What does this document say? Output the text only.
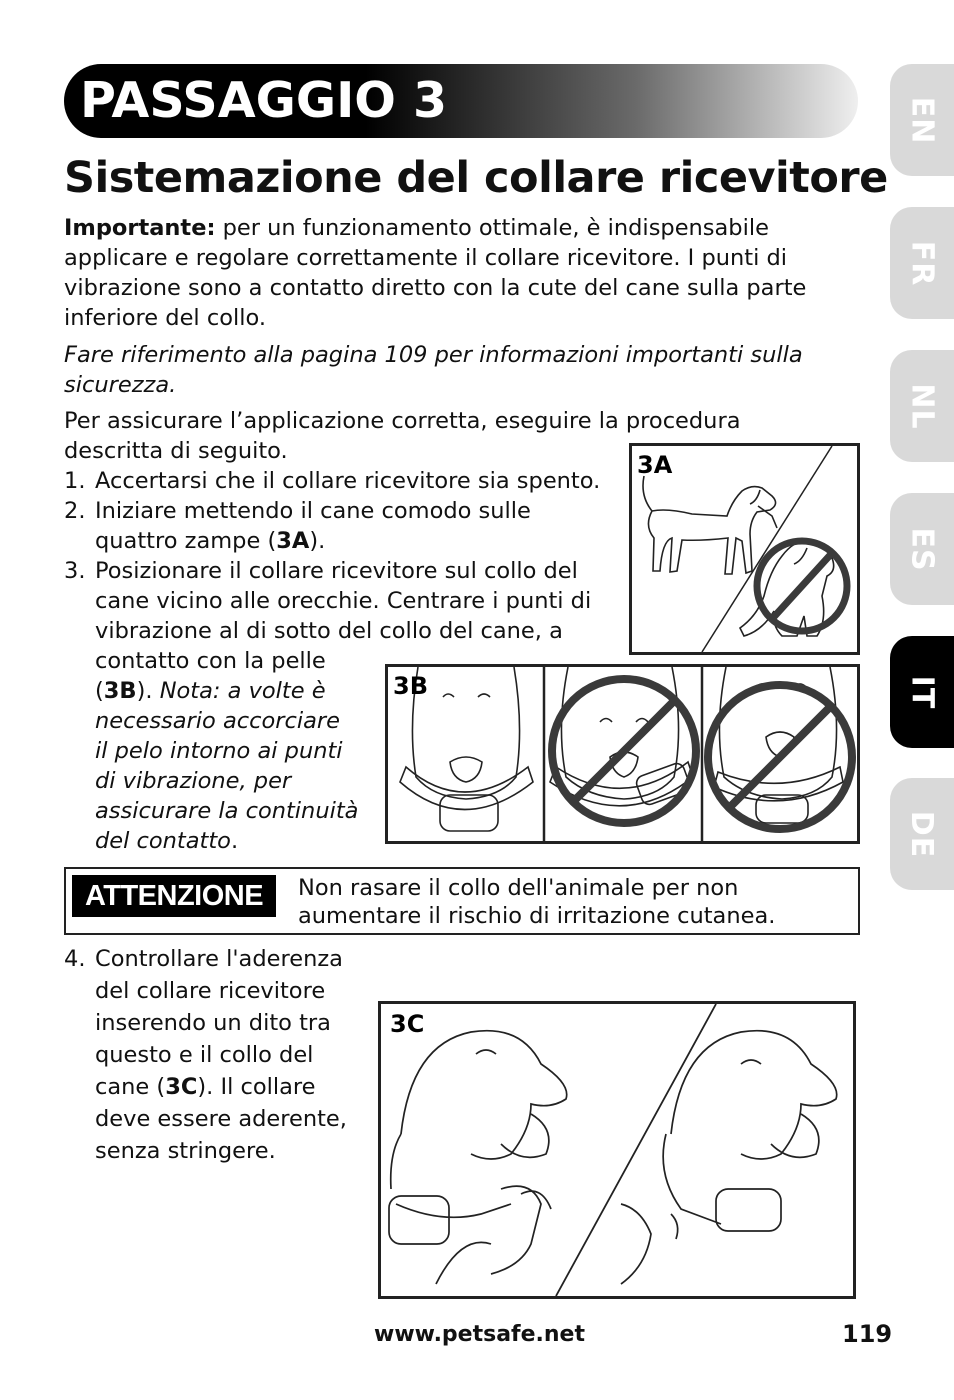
PASSAGGIO 3
Sistemazione del collare ricevitore
EN
FR
NL
ES
IT
DE
Importante: per un funzionamento ottimale, è indispensabile
applicare e regolare correttamente il collare ricevitore. I punti di
vibrazione sono a contatto diretto con la cute del cane sulla parte
inferiore del collo.
Fare riferimento alla pagina 109 per informazioni importanti sulla
sicurezza.
Per assicurare l’applicazione corretta, eseguire la procedura
descritta di seguito.
1. Accertarsi che il collare ricevitore sia spento.
2. Iniziare mettendo il cane comodo sulle
quattro zampe (3A).
3. Posizionare il collare ricevitore sul collo del
cane vicino alle orecchie. Centrare i punti di
vibrazione al di sotto del collo del cane, a
contatto con la pelle
(3B). Nota: a volte è
necessario accorciare
il pelo intorno ai punti
di vibrazione, per
assicurare la continuità
del contatto.
3A
3B
ATTENZIONE	Non rasare il collo dell'animale per non
aumentare il rischio di irritazione cutanea.
4. Controllare l'aderenza
del collare ricevitore
inserendo un dito tra
questo e il collo del
cane (3C). Il collare
deve essere aderente,
senza stringere.
3C
www.petsafe.net	119
